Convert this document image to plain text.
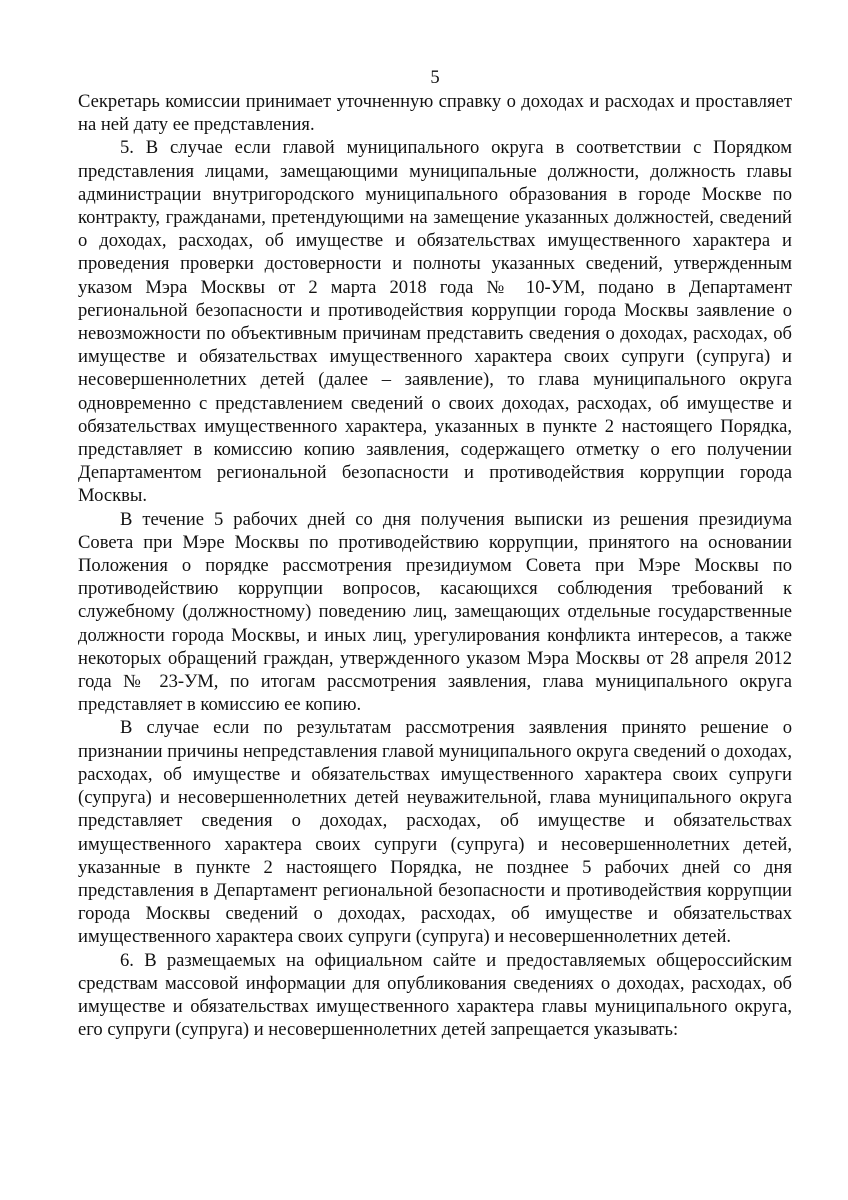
5

Секретарь комиссии принимает уточненную справку о доходах и расходах и проставляет на ней дату ее представления.

5. В случае если главой муниципального округа в соответствии с Порядком представления лицами, замещающими муниципальные должности, должность главы администрации внутригородского муниципального образования в городе Москве по контракту, гражданами, претендующими на замещение указанных должностей, сведений о доходах, расходах, об имуществе и обязательствах имущественного характера и проведения проверки достоверности и полноты указанных сведений, утвержденным указом Мэра Москвы от 2 марта 2018 года № 10-УМ, подано в Департамент региональной безопасности и противодействия коррупции города Москвы заявление о невозможности по объективным причинам представить сведения о доходах, расходах, об имуществе и обязательствах имущественного характера своих супруги (супруга) и несовершеннолетних детей (далее – заявление), то глава муниципального округа одновременно с представлением сведений о своих доходах, расходах, об имуществе и обязательствах имущественного характера, указанных в пункте 2 настоящего Порядка, представляет в комиссию копию заявления, содержащего отметку о его получении Департаментом региональной безопасности и противодействия коррупции города Москвы.

В течение 5 рабочих дней со дня получения выписки из решения президиума Совета при Мэре Москвы по противодействию коррупции, принятого на основании Положения о порядке рассмотрения президиумом Совета при Мэре Москвы по противодействию коррупции вопросов, касающихся соблюдения требований к служебному (должностному) поведению лиц, замещающих отдельные государственные должности города Москвы, и иных лиц, урегулирования конфликта интересов, а также некоторых обращений граждан, утвержденного указом Мэра Москвы от 28 апреля 2012 года № 23-УМ, по итогам рассмотрения заявления, глава муниципального округа представляет в комиссию ее копию.

В случае если по результатам рассмотрения заявления принято решение о признании причины непредставления главой муниципального округа сведений о доходах, расходах, об имуществе и обязательствах имущественного характера своих супруги (супруга) и несовершеннолетних детей неуважительной, глава муниципального округа представляет сведения о доходах, расходах, об имуществе и обязательствах имущественного характера своих супруги (супруга) и несовершеннолетних детей, указанные в пункте 2 настоящего Порядка, не позднее 5 рабочих дней со дня представления в Департамент региональной безопасности и противодействия коррупции города Москвы сведений о доходах, расходах, об имуществе и обязательствах имущественного характера своих супруги (супруга) и несовершеннолетних детей.

6. В размещаемых на официальном сайте и предоставляемых общероссийским средствам массовой информации для опубликования сведениях о доходах, расходах, об имуществе и обязательствах имущественного характера главы муниципального округа, его супруги (супруга) и несовершеннолетних детей запрещается указывать:
